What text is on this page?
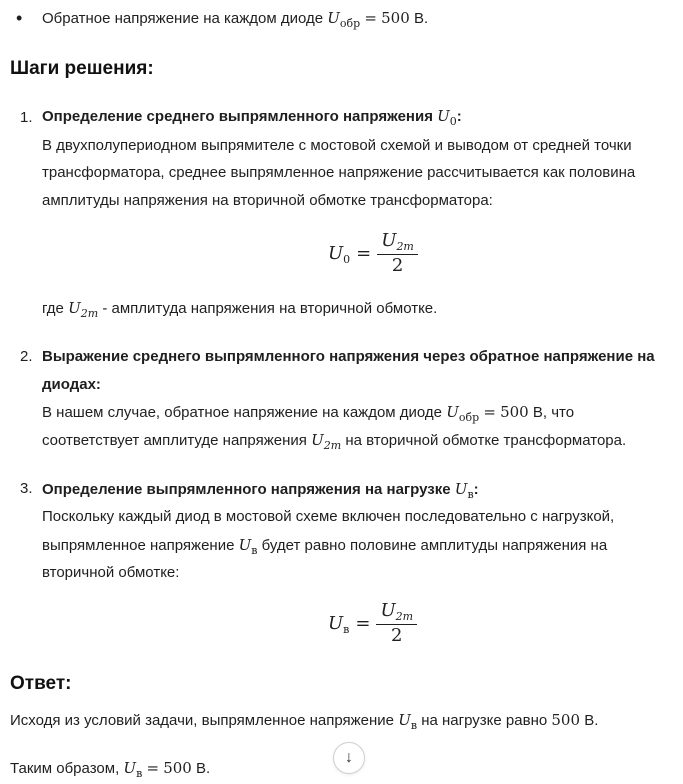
• Обратное напряжение на каждом диоде $U_{обр} = 500$ В.
Шаги решения:
1. Определение среднего выпрямленного напряжения $U_0$:
В двухполупериодном выпрямителе с мостовой схемой и выводом от средней точки
трансформатора, среднее выпрямленное напряжение рассчитывается как половина
амплитуды напряжения на вторичной обмотке трансформатора:
$U_0 = \frac{U_{2m}}{2}$
где $U_{2m}$ - амплитуда напряжения на вторичной обмотке.
2. Выражение среднего выпрямленного напряжения через обратное напряжение на
диодах:
В нашем случае, обратное напряжение на каждом диоде $U_{обр} = 500$ В, что
соответствует амплитуде напряжения $U_{2m}$ на вторичной обмотке трансформатора.
3. Определение выпрямленного напряжения на нагрузке $U_в$:
Поскольку каждый диод в мостовой схеме включен последовательно с нагрузкой,
выпрямленное напряжение $U_в$ будет равно половине амплитуды напряжения на
вторичной обмотке:
$U_в = \frac{U_{2m}}{2}$
Ответ:
Исходя из условий задачи, выпрямленное напряжение $U_в$ на нагрузке равно 500 В.
Таким образом, $U_в = 500$ В.
↓
